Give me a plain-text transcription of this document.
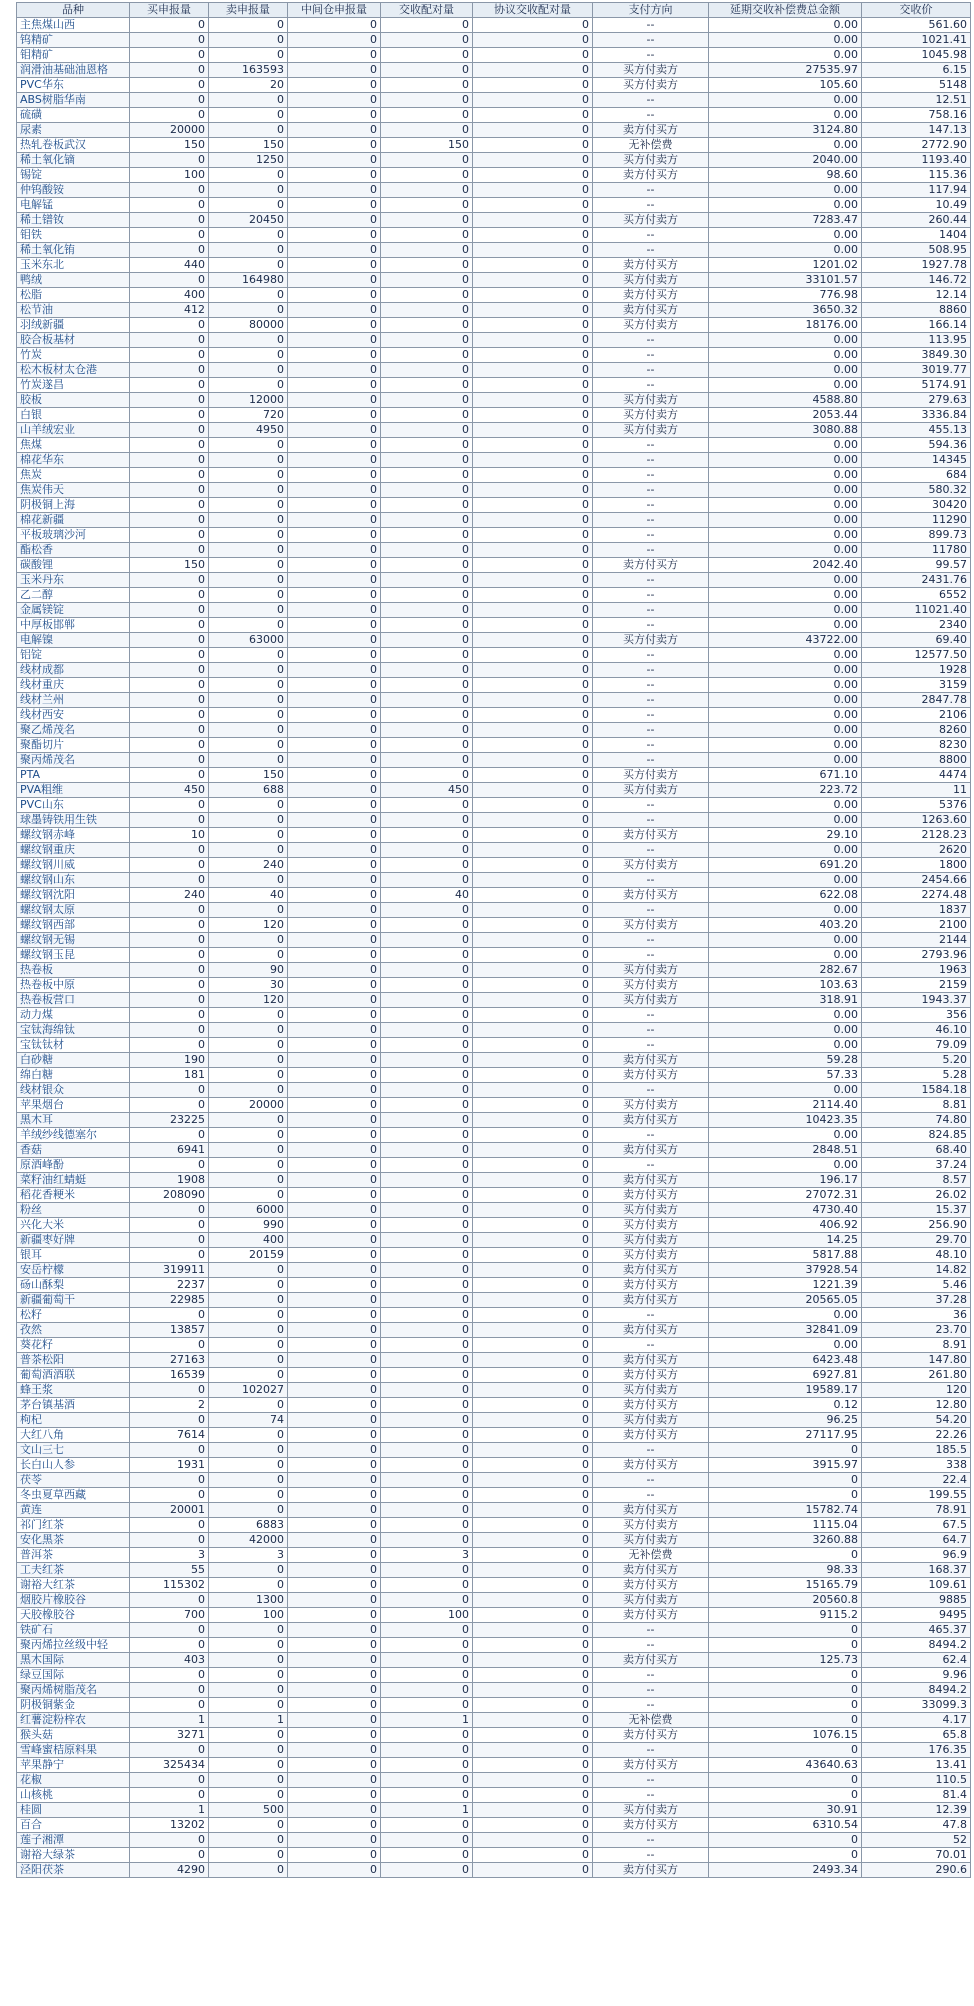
品种	买申报量	卖申报量	中间仓申报量	交收配对量	协议交收配对量	支付方向	延期交收补偿费总金额	交收价
主焦煤山西	0	0	0	0	0	--	0.00	561.60
钨精矿	0	0	0	0	0	--	0.00	1021.41
钼精矿	0	0	0	0	0	--	0.00	1045.98
润滑油基础油恩格	0	163593	0	0	0	买方付卖方	27535.97	6.15
PVC华东	0	20	0	0	0	买方付卖方	105.60	5148
ABS树脂华南	0	0	0	0	0	--	0.00	12.51
硫磺	0	0	0	0	0	--	0.00	758.16
尿素	20000	0	0	0	0	卖方付买方	3124.80	147.13
热轧卷板武汉	150	150	0	150	0	无补偿费	0.00	2772.90
稀土氧化镝	0	1250	0	0	0	买方付卖方	2040.00	1193.40
锡锭	100	0	0	0	0	卖方付买方	98.60	115.36
仲钨酸铵	0	0	0	0	0	--	0.00	117.94
电解锰	0	0	0	0	0	--	0.00	10.49
稀土镨钕	0	20450	0	0	0	买方付卖方	7283.47	260.44
钼铁	0	0	0	0	0	--	0.00	1404
稀土氧化铕	0	0	0	0	0	--	0.00	508.95
玉米东北	440	0	0	0	0	卖方付买方	1201.02	1927.78
鸭绒	0	164980	0	0	0	买方付卖方	33101.57	146.72
松脂	400	0	0	0	0	卖方付买方	776.98	12.14
松节油	412	0	0	0	0	卖方付买方	3650.32	8860
羽绒新疆	0	80000	0	0	0	买方付卖方	18176.00	166.14
胶合板基材	0	0	0	0	0	--	0.00	113.95
竹炭	0	0	0	0	0	--	0.00	3849.30
松木板材太仓港	0	0	0	0	0	--	0.00	3019.77
竹炭遂昌	0	0	0	0	0	--	0.00	5174.91
胶板	0	12000	0	0	0	买方付卖方	4588.80	279.63
白银	0	720	0	0	0	买方付卖方	2053.44	3336.84
山羊绒宏业	0	4950	0	0	0	买方付卖方	3080.88	455.13
焦煤	0	0	0	0	0	--	0.00	594.36
棉花华东	0	0	0	0	0	--	0.00	14345
焦炭	0	0	0	0	0	--	0.00	684
焦炭伟天	0	0	0	0	0	--	0.00	580.32
阴极铜上海	0	0	0	0	0	--	0.00	30420
棉花新疆	0	0	0	0	0	--	0.00	11290
平板玻璃沙河	0	0	0	0	0	--	0.00	899.73
酯松香	0	0	0	0	0	--	0.00	11780
碳酸锂	150	0	0	0	0	卖方付买方	2042.40	99.57
玉米丹东	0	0	0	0	0	--	0.00	2431.76
乙二醇	0	0	0	0	0	--	0.00	6552
金属镁锭	0	0	0	0	0	--	0.00	11021.40
中厚板邯郸	0	0	0	0	0	--	0.00	2340
电解镍	0	63000	0	0	0	买方付卖方	43722.00	69.40
铝锭	0	0	0	0	0	--	0.00	12577.50
线材成都	0	0	0	0	0	--	0.00	1928
线材重庆	0	0	0	0	0	--	0.00	3159
线材兰州	0	0	0	0	0	--	0.00	2847.78
线材西安	0	0	0	0	0	--	0.00	2106
聚乙烯茂名	0	0	0	0	0	--	0.00	8260
聚酯切片	0	0	0	0	0	--	0.00	8230
聚丙烯茂名	0	0	0	0	0	--	0.00	8800
PTA	0	150	0	0	0	买方付卖方	671.10	4474
PVA粗维	450	688	0	450	0	买方付卖方	223.72	11
PVC山东	0	0	0	0	0	--	0.00	5376
球墨铸铁用生铁	0	0	0	0	0	--	0.00	1263.60
螺纹钢赤峰	10	0	0	0	0	卖方付买方	29.10	2128.23
螺纹钢重庆	0	0	0	0	0	--	0.00	2620
螺纹钢川威	0	240	0	0	0	买方付卖方	691.20	1800
螺纹钢山东	0	0	0	0	0	--	0.00	2454.66
螺纹钢沈阳	240	40	0	40	0	卖方付买方	622.08	2274.48
螺纹钢太原	0	0	0	0	0	--	0.00	1837
螺纹钢西部	0	120	0	0	0	买方付卖方	403.20	2100
螺纹钢无锡	0	0	0	0	0	--	0.00	2144
螺纹钢玉昆	0	0	0	0	0	--	0.00	2793.96
热卷板	0	90	0	0	0	买方付卖方	282.67	1963
热卷板中原	0	30	0	0	0	买方付卖方	103.63	2159
热卷板营口	0	120	0	0	0	买方付卖方	318.91	1943.37
动力煤	0	0	0	0	0	--	0.00	356
宝钛海绵钛	0	0	0	0	0	--	0.00	46.10
宝钛钛材	0	0	0	0	0	--	0.00	79.09
白砂糖	190	0	0	0	0	卖方付买方	59.28	5.20
绵白糖	181	0	0	0	0	卖方付买方	57.33	5.28
线材银众	0	0	0	0	0	--	0.00	1584.18
苹果烟台	0	20000	0	0	0	买方付卖方	2114.40	8.81
黑木耳	23225	0	0	0	0	卖方付买方	10423.35	74.80
羊绒纱线德塞尔	0	0	0	0	0	--	0.00	824.85
香菇	6941	0	0	0	0	卖方付买方	2848.51	68.40
原酒峰酚	0	0	0	0	0	--	0.00	37.24
菜籽油红蜻蜓	1908	0	0	0	0	卖方付买方	196.17	8.57
稻花香粳米	208090	0	0	0	0	卖方付买方	27072.31	26.02
粉丝	0	6000	0	0	0	买方付卖方	4730.40	15.37
兴化大米	0	990	0	0	0	买方付卖方	406.92	256.90
新疆枣好牌	0	400	0	0	0	买方付卖方	14.25	29.70
银耳	0	20159	0	0	0	买方付卖方	5817.88	48.10
安岳柠檬	319911	0	0	0	0	卖方付买方	37928.54	14.82
砀山酥梨	2237	0	0	0	0	卖方付买方	1221.39	5.46
新疆葡萄干	22985	0	0	0	0	卖方付买方	20565.05	37.28
松籽	0	0	0	0	0	--	0.00	36
孜然	13857	0	0	0	0	卖方付买方	32841.09	23.70
葵花籽	0	0	0	0	0	--	0.00	8.91
普茶松阳	27163	0	0	0	0	卖方付买方	6423.48	147.80
葡萄酒酒联	16539	0	0	0	0	卖方付买方	6927.81	261.80
蜂王浆	0	102027	0	0	0	买方付卖方	19589.17	120
茅台镇基酒	2	0	0	0	0	卖方付买方	0.12	12.80
枸杞	0	74	0	0	0	买方付卖方	96.25	54.20
大红八角	7614	0	0	0	0	卖方付买方	27117.95	22.26
文山三七	0	0	0	0	0	--	0	185.5
长白山人参	1931	0	0	0	0	卖方付买方	3915.97	338
茯苓	0	0	0	0	0	--	0	22.4
冬虫夏草西藏	0	0	0	0	0	--	0	199.55
黄连	20001	0	0	0	0	卖方付买方	15782.74	78.91
祁门红茶	0	6883	0	0	0	买方付卖方	1115.04	67.5
安化黑茶	0	42000	0	0	0	买方付卖方	3260.88	64.7
普洱茶	3	3	0	3	0	无补偿费	0	96.9
工夫红茶	55	0	0	0	0	卖方付买方	98.33	168.37
谢裕大红茶	115302	0	0	0	0	卖方付买方	15165.79	109.61
烟胶片橡胶谷	0	1300	0	0	0	买方付卖方	20560.8	9885
天胶橡胶谷	700	100	0	100	0	卖方付买方	9115.2	9495
铁矿石	0	0	0	0	0	--	0	465.37
聚丙烯拉丝级中轻	0	0	0	0	0	--	0	8494.2
黑木国际	403	0	0	0	0	卖方付买方	125.73	62.4
绿豆国际	0	0	0	0	0	--	0	9.96
聚丙烯树脂茂名	0	0	0	0	0	--	0	8494.2
阴极铜紫金	0	0	0	0	0	--	0	33099.3
红薯淀粉梓农	1	1	0	1	0	无补偿费	0	4.17
猴头菇	3271	0	0	0	0	卖方付买方	1076.15	65.8
雪峰蜜桔原料果	0	0	0	0	0	--	0	176.35
苹果静宁	325434	0	0	0	0	卖方付买方	43640.63	13.41
花椒	0	0	0	0	0	--	0	110.5
山核桃	0	0	0	0	0	--	0	81.4
桂圆	1	500	0	1	0	买方付卖方	30.91	12.39
百合	13202	0	0	0	0	卖方付买方	6310.54	47.8
莲子湘潭	0	0	0	0	0	--	0	52
谢裕大绿茶	0	0	0	0	0	--	0	70.01
泾阳茯茶	4290	0	0	0	0	卖方付买方	2493.34	290.6
